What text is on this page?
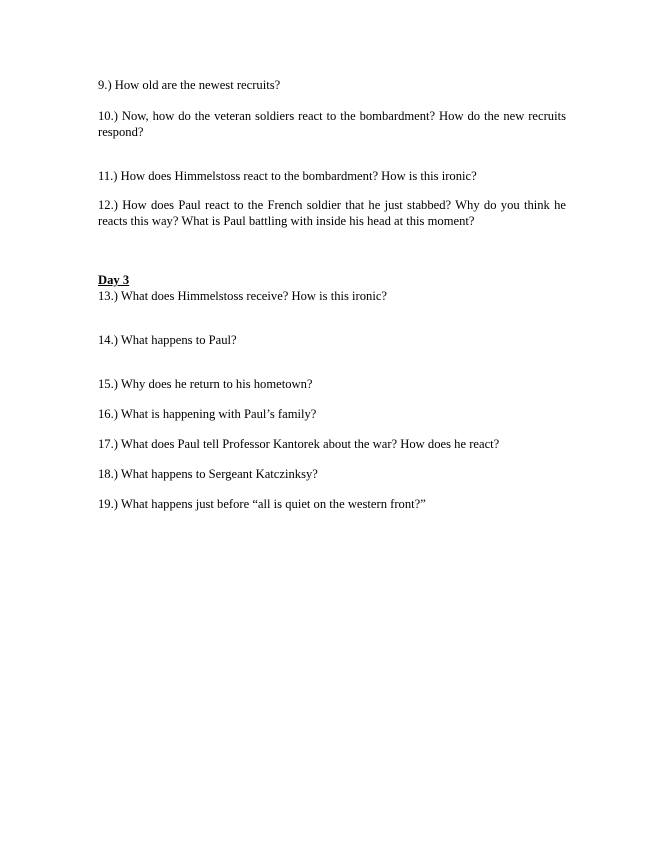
9.) How old are the newest recruits?

10.) Now, how do the veteran soldiers react to the bombardment? How do the new recruits respond?

11.) How does Himmelstoss react to the bombardment? How is this ironic?

12.) How does Paul react to the French soldier that he just stabbed? Why do you think he reacts this way? What is Paul battling with inside his head at this moment?

Day 3

13.) What does Himmelstoss receive? How is this ironic?

14.) What happens to Paul?

15.) Why does he return to his hometown?

16.) What is happening with Paul’s family?

17.) What does Paul tell Professor Kantorek about the war? How does he react?

18.) What happens to Sergeant Katczinksy?

19.) What happens just before “all is quiet on the western front?”
